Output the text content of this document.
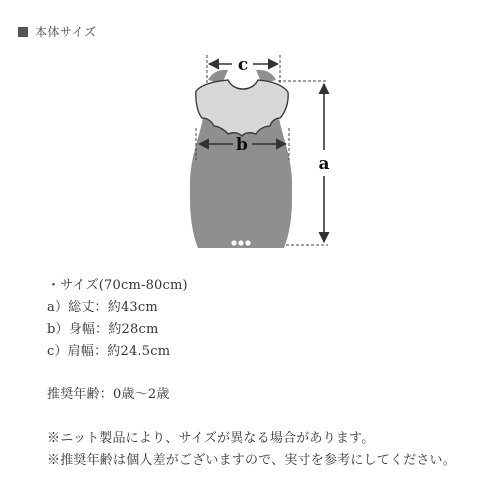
本体サイズ
c
b
a
・サイズ(70cm-80cm)
a）総丈：約43cm
b）身幅：約28cm
c）肩幅：約24.5cm
推奨年齢：0歳〜2歳
※ニット製品により、サイズが異なる場合があります。
※推奨年齢は個人差がございますので、実寸を参考にしてください。
